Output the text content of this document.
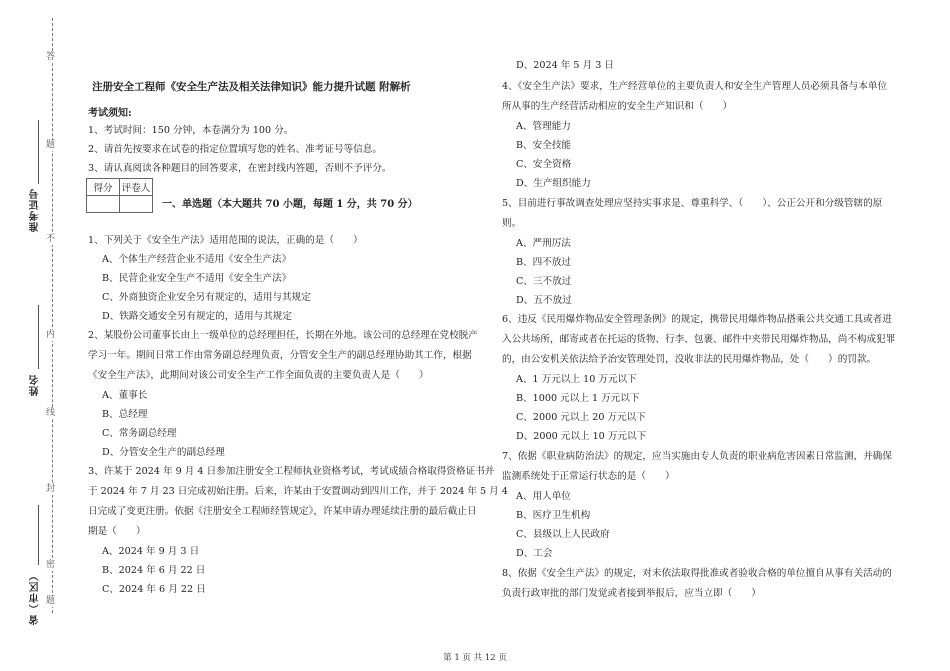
答
题
不
内
线
封
密
题
准考证号
姓名
省（市区）
注册安全工程师《安全生产法及相关法律知识》能力提升试题 附解析
考试须知:
1、考试时间：150 分钟，本卷满分为 100 分。
2、请首先按要求在试卷的指定位置填写您的姓名、准考证号等信息。
3、请认真阅读各种题目的回答要求，在密封线内答题，否则不予评分。
得分	评卷人

一、单选题（本大题共 70 小题，每题 1 分，共 70 分）
1、下列关于《安全生产法》适用范围的说法，正确的是（　　）
A、个体生产经营企业不适用《安全生产法》
B、民营企业安全生产不适用《安全生产法》
C、外商独资企业安全另有规定的，适用与其规定
D、铁路交通安全另有规定的，适用与其规定
2、某股份公司董事长由上一级单位的总经理担任，长期在外地。该公司的总经理在党校脱产
学习一年。期间日常工作由常务副总经理负责，分管安全生产的副总经理协助其工作，根据
《安全生产法》，此期间对该公司安全生产工作全面负责的主要负责人是（　　）
A、董事长
B、总经理
C、常务副总经理
D、分管安全生产的副总经理
3、许某于 2024 年 9 月 4 日参加注册安全工程师执业资格考试，考试成绩合格取得资格证书并
于 2024 年 7 月 23 日完成初始注册。后来，许某由于安置调动到四川工作，并于 2024 年 5 月 4
日完成了变更注册。依据《注册安全工程师经管规定》，许某申请办理延续注册的最后截止日
期是（　　）
A、2024 年 9 月 3 日
B、2024 年 6 月 22 日
C、2024 年 6 月 22 日
D、2024 年 5 月 3 日
4、《安全生产法》要求，生产经营单位的主要负责人和安全生产管理人员必须具备与本单位
所从事的生产经营活动相应的安全生产知识和（　　）
A、管理能力
B、安全技能
C、安全资格
D、生产组织能力
5、目前进行事故调查处理应坚持实事求是、尊重科学、（　　）、公正公开和分级管辖的原
则。
A、严刑厉法
B、四不放过
C、三不放过
D、五不放过
6、违反《民用爆炸物品安全管理条例》的规定，携带民用爆炸物品搭乘公共交通工具或者进
入公共场所，邮寄或者在托运的货物、行李、包裹、邮件中夹带民用爆炸物品，尚不构成犯罪
的，由公安机关依法给予治安管理处罚，没收非法的民用爆炸物品，处（　　）的罚款。
A、1 万元以上 10 万元以下
B、1000 元以上 1 万元以下
C、2000 元以上 20 万元以下
D、2000 元以上 10 万元以下
7、依据《职业病防治法》的规定，应当实施由专人负责的职业病危害因素日常监测，并确保
监测系统处于正常运行状态的是（　　）
A、用人单位
B、医疗卫生机构
C、县级以上人民政府
D、工会
8、依据《安全生产法》的规定，对未依法取得批准或者验收合格的单位擅自从事有关活动的
负责行政审批的部门发觉或者接到举报后，应当立即（　　）
第 1 页 共 12 页
